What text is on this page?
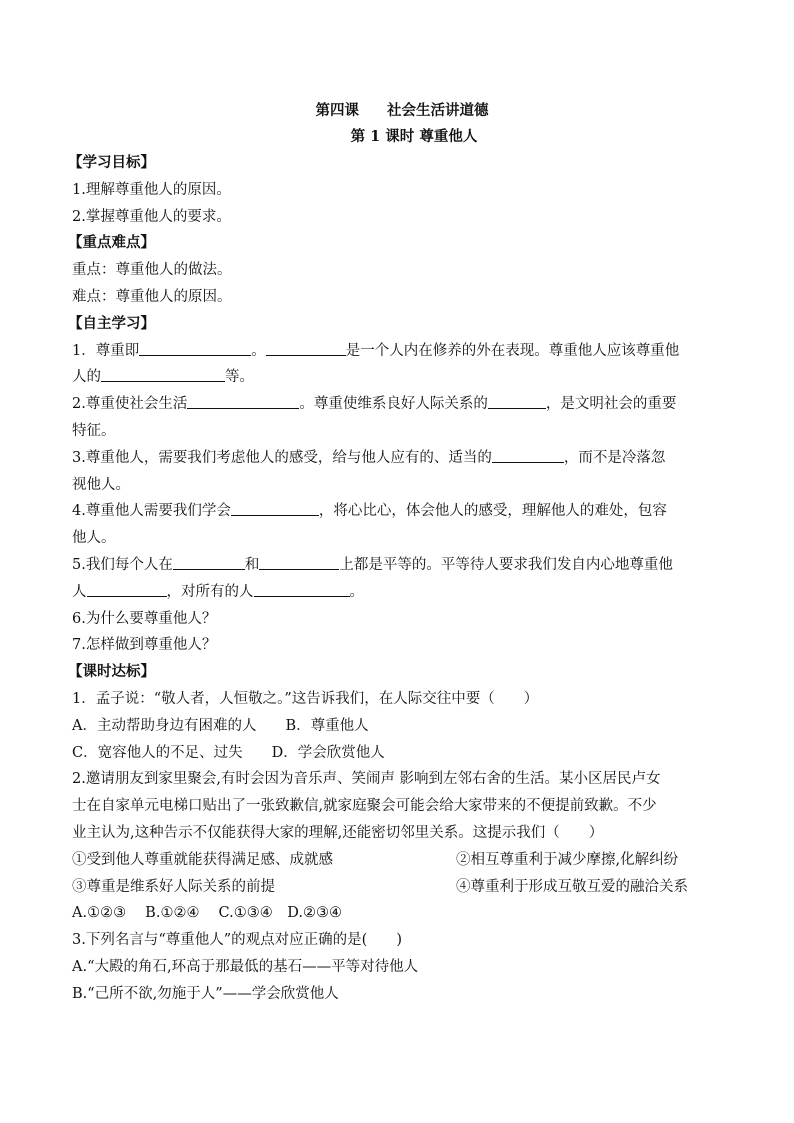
第四课 社会生活讲道德
第 1 课时 尊重他人
【学习目标】
1.理解尊重他人的原因。
2.掌握尊重他人的要求。
【重点难点】
重点：尊重他人的做法。
难点：尊重他人的原因。
【自主学习】
1．尊重即	。	是一个人内在修养的外在表现。尊重他人应该尊重他
人的	等。
2.尊重使社会生活	。尊重使维系良好人际关系的	，是文明社会的重要
特征。
3.尊重他人，需要我们考虑他人的感受，给与他人应有的、适当的	，而不是冷落忽
视他人。
4.尊重他人需要我们学会	，将心比心，体会他人的感受，理解他人的难处，包容
他人。
5.我们每个人在	和	上都是平等的。平等待人要求我们发自内心地尊重他
人	，对所有的人	。
6.为什么要尊重他人？
7.怎样做到尊重他人？
【课时达标】
1．孟子说：“敬人者，人恒敬之。”这告诉我们，在人际交往中要（　　）
A．主动帮助身边有困难的人　　B．尊重他人
C．宽容他人的不足、过失　　D．学会欣赏他人
2.邀请朋友到家里聚会,有时会因为音乐声、笑闹声 影响到左邻右舍的生活。某小区居民卢女
士在自家单元电梯口贴出了一张致歉信,就家庭聚会可能会给大家带来的不便提前致歉。不少
业主认为,这种告示不仅能获得大家的理解,还能密切邻里关系。这提示我们（　　）
①受到他人尊重就能获得满足感、成就感	②相互尊重利于减少摩擦,化解纠纷
③尊重是维系好人际关系的前提	④尊重利于形成互敬互爱的融洽关系
A.①②③　 B.①②④　 C.①③④　D.②③④
3.下列名言与“尊重他人”的观点对应正确的是(　　)
A.“大殿的角石,环高于那最低的基石——平等对待他人
B.“己所不欲,勿施于人”——学会欣赏他人
